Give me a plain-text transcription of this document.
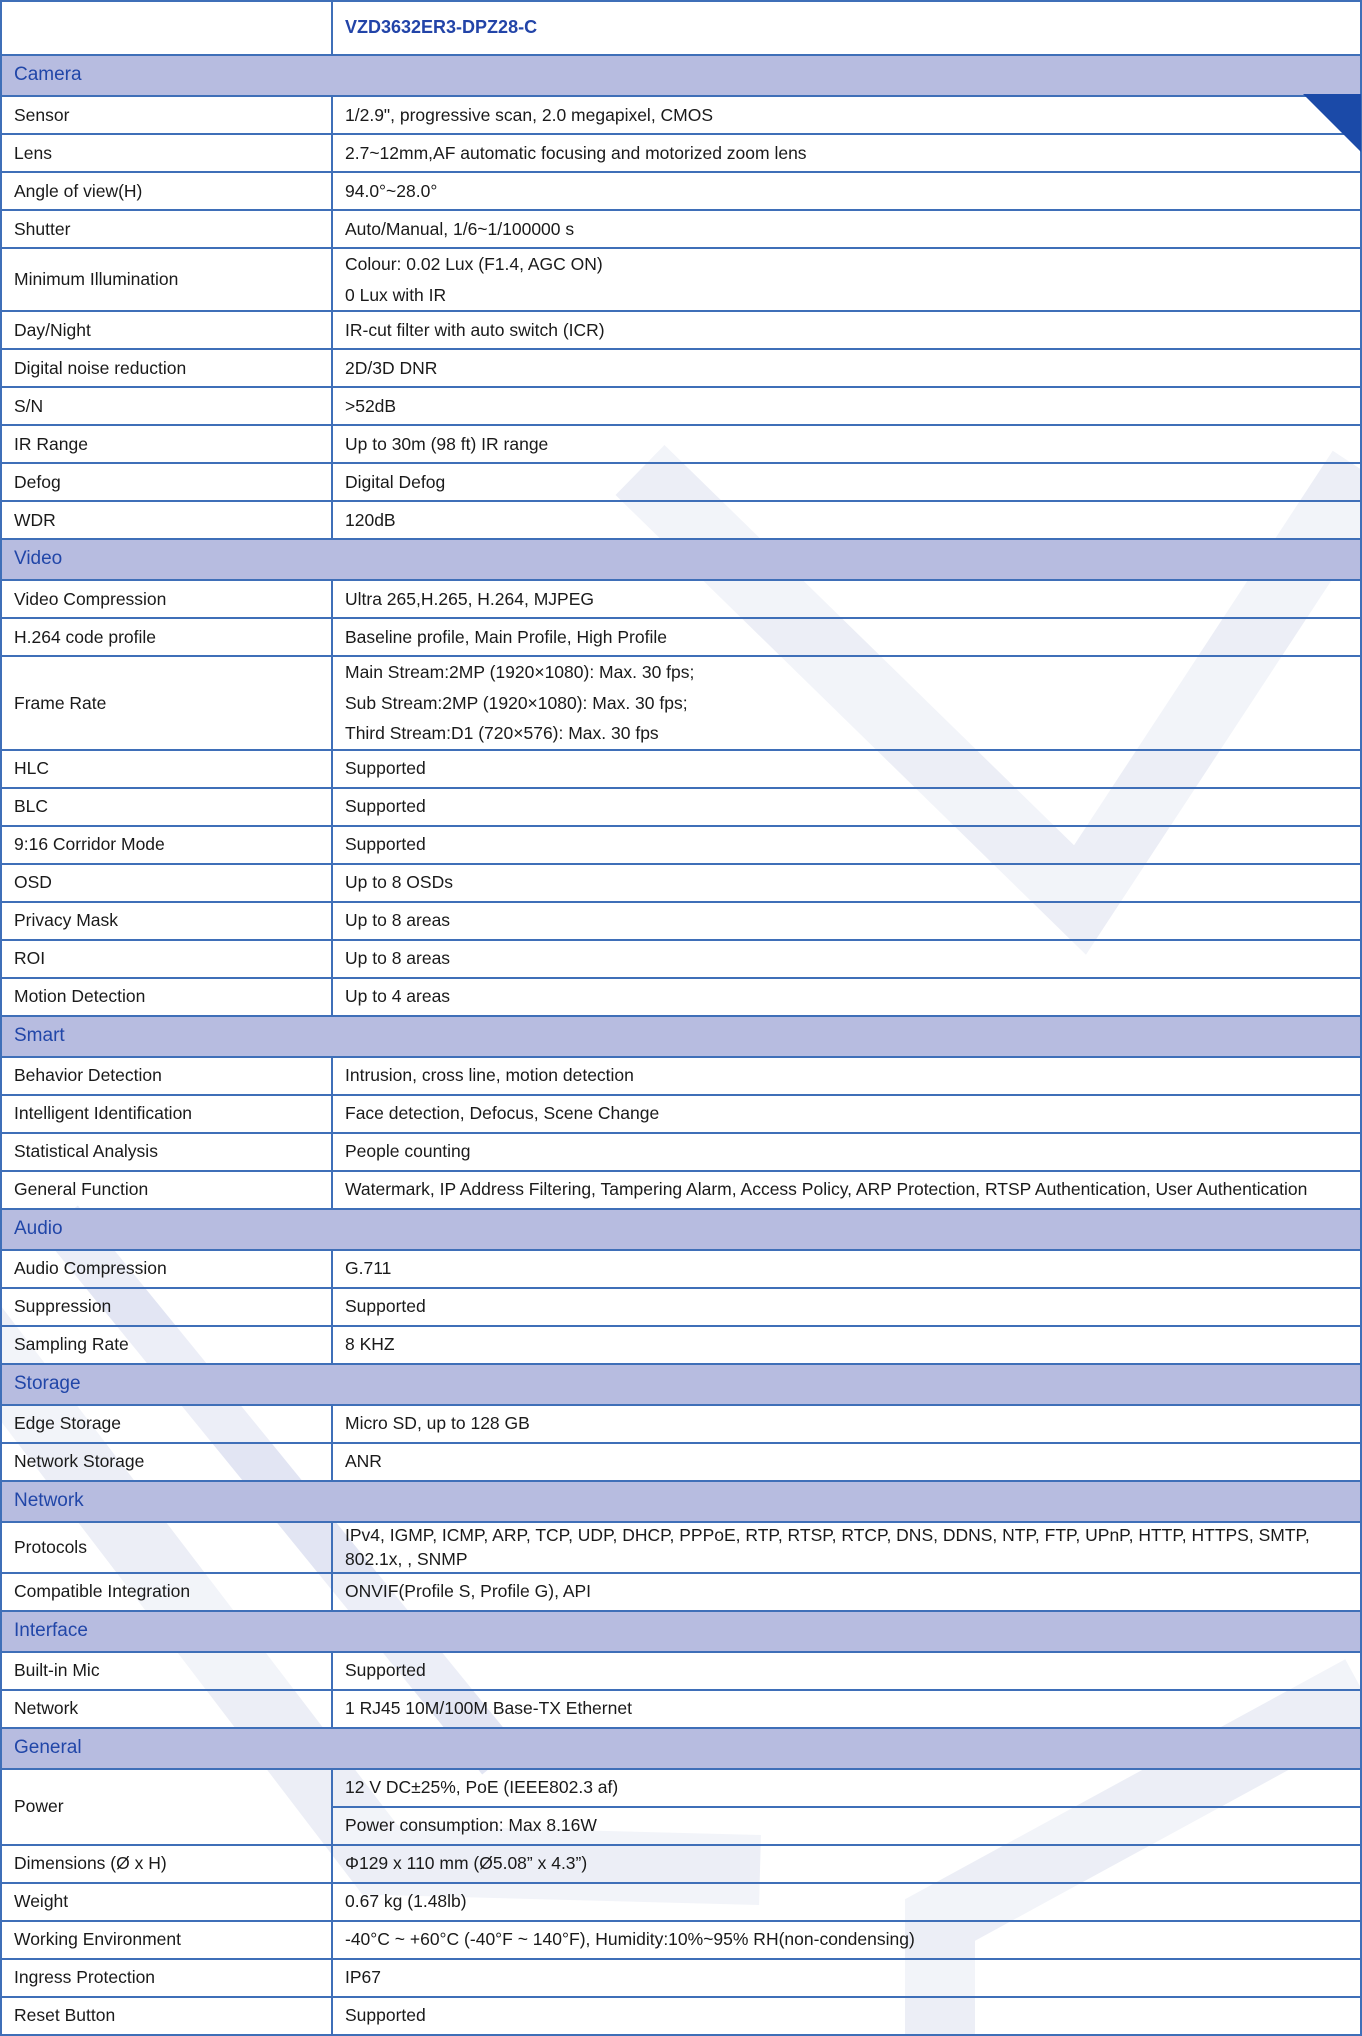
	VZD3632ER3-DPZ28-C
Camera	
Sensor	1/2.9", progressive scan, 2.0 megapixel, CMOS
Lens	2.7~12mm,AF automatic focusing and motorized zoom lens
Angle of view(H)	94.0°~28.0°
Shutter	Auto/Manual, 1/6~1/100000 s
Minimum Illumination	Colour: 0.02 Lux (F1.4, AGC ON)
0 Lux with IR

Day/Night	IR-cut filter with auto switch (ICR)
Digital noise reduction	2D/3D DNR
S/N	>52dB
IR Range	Up to 30m (98 ft) IR range
Defog	Digital Defog
WDR	120dB
Video	
Video Compression	Ultra 265,H.265, H.264, MJPEG
H.264 code profile	Baseline profile, Main Profile, High Profile
Frame Rate	Main Stream:2MP (1920×1080): Max. 30 fps;
Sub Stream:2MP (1920×1080): Max. 30 fps;
Third Stream:D1 (720×576): Max. 30 fps

HLC	Supported
BLC	Supported
9:16 Corridor Mode	Supported
OSD	Up to 8 OSDs
Privacy Mask	Up to 8 areas
ROI	Up to 8 areas
Motion Detection	Up to 4 areas
Smart	
Behavior Detection	Intrusion, cross line, motion detection
Intelligent Identification	Face detection, Defocus, Scene Change
Statistical Analysis	People counting
General Function	Watermark, IP Address Filtering, Tampering Alarm, Access Policy, ARP Protection, RTSP Authentication, User Authentication
Audio	
Audio Compression	G.711
Suppression	Supported
Sampling Rate	8 KHZ
Storage	
Edge Storage	Micro SD, up to 128 GB
Network Storage	ANR
Network	
Protocols	IPv4, IGMP, ICMP, ARP, TCP, UDP, DHCP, PPPoE, RTP, RTSP, RTCP, DNS, DDNS, NTP, FTP, UPnP, HTTP, HTTPS, SMTP, 802.1x, , SNMP
Compatible Integration	ONVIF(Profile S, Profile G), API
Interface	
Built-in Mic	Supported
Network	1 RJ45 10M/100M Base-TX Ethernet
General	
Power	12 V DC±25%, PoE (IEEE802.3 af)
	Power consumption: Max 8.16W
Dimensions (Ø x H)	Φ129 x 110 mm (Ø5.08” x 4.3”)
Weight	0.67 kg (1.48lb)
Working Environment	-40°C ~ +60°C (-40°F ~ 140°F), Humidity:10%~95% RH(non-condensing)
Ingress Protection	IP67
Reset Button	Supported
